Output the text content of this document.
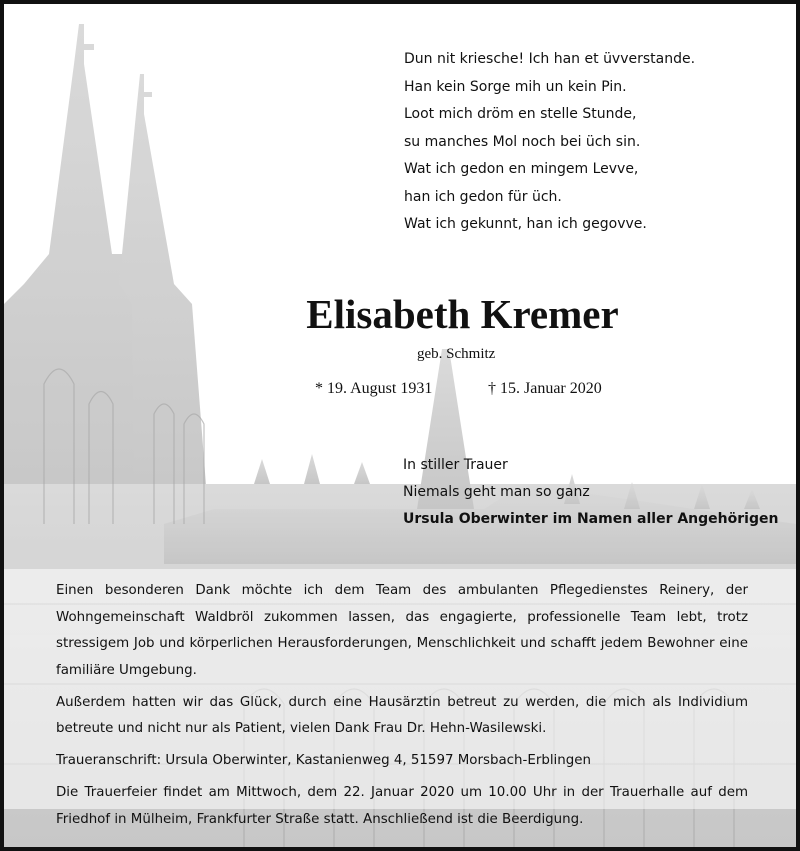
Dun nit kriesche! Ich han et üvverstande.
Han kein Sorge mih un kein Pin.
Loot mich dröm en stelle Stunde,
su manches Mol noch bei üch sin.
Wat ich gedon en mingem Levve,
han ich gedon für üch.
Wat ich gekunnt, han ich gegovve.
Elisabeth Kremer
geb. Schmitz
* 19. August 1931	† 15. Januar 2020
In stiller Trauer
Niemals geht man so ganz
Ursula Oberwinter im Namen aller Angehörigen

Einen besonderen Dank möchte ich dem Team des ambulanten Pflegedienstes Reinery, der Wohngemeinschaft Waldbröl zukommen lassen, das engagierte, professionelle Team lebt, trotz stressigem Job und körperlichen Herausforderungen, Menschlichkeit und schafft jedem Bewohner eine familiäre Umgebung.

Außerdem hatten wir das Glück, durch eine Hausärztin betreut zu werden, die mich als Individium betreute und nicht nur als Patient, vielen Dank Frau Dr. Hehn-Wasilewski.

Traueranschrift: Ursula Oberwinter, Kastanienweg 4, 51597 Morsbach-Erblingen

Die Trauerfeier findet am Mittwoch, dem 22. Januar 2020 um 10.00 Uhr in der Trauerhalle auf dem Friedhof in Mülheim, Frankfurter Straße statt. Anschließend ist die Beerdigung.
